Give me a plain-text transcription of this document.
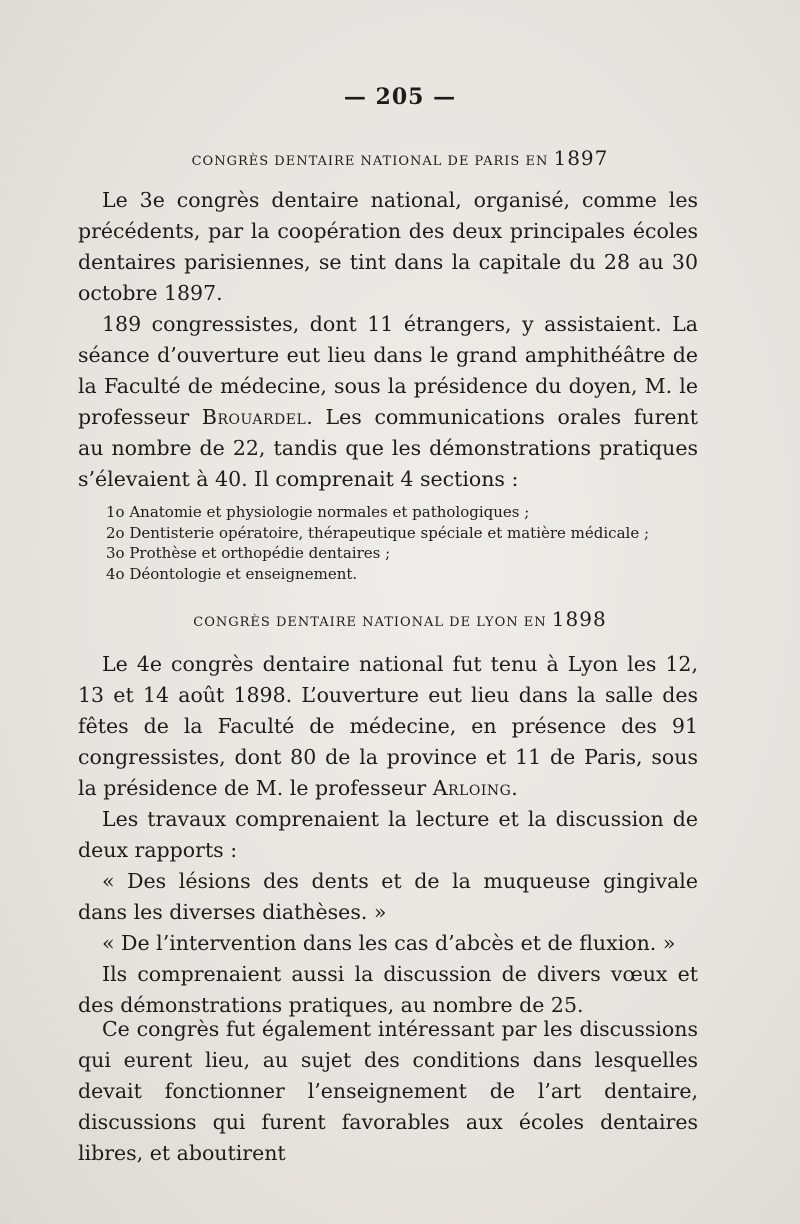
— 205 —
CONGRÈS DENTAIRE NATIONAL DE PARIS EN 1897

Le 3e congrès dentaire national, organisé, comme les précédents, par la coopération des deux principales écoles dentaires parisiennes, se tint dans la capitale du 28 au 30 octobre 1897.

189 congressistes, dont 11 étrangers, y assistaient. La séance d’ouverture eut lieu dans le grand amphithéâtre de la Faculté de médecine, sous la présidence du doyen, M. le professeur Brouardel. Les communications orales furent au nombre de 22, tandis que les démonstrations pratiques s’élevaient à 40. Il comprenait 4 sections :

1o Anatomie et physiologie normales et pathologiques ;
2o Dentisterie opératoire, thérapeutique spéciale et matière médicale ;
3o Prothèse et orthopédie dentaires ;
4o Déontologie et enseignement.
CONGRÈS DENTAIRE NATIONAL DE LYON EN 1898

Le 4e congrès dentaire national fut tenu à Lyon les 12, 13 et 14 août 1898. L’ouverture eut lieu dans la salle des fêtes de la Faculté de médecine, en présence des 91 congressistes, dont 80 de la province et 11 de Paris, sous la présidence de M. le professeur Arloing.

Les travaux comprenaient la lecture et la discussion de deux rapports :

« Des lésions des dents et de la muqueuse gingivale dans les diverses diathèses. »

« De l’intervention dans les cas d’abcès et de fluxion. »

Ils comprenaient aussi la discussion de divers vœux et des démonstrations pratiques, au nombre de 25.

Ce congrès fut également intéressant par les discussions qui eurent lieu, au sujet des conditions dans lesquelles devait fonctionner l’enseignement de l’art dentaire, discussions qui furent favorables aux écoles dentaires libres, et aboutirent
